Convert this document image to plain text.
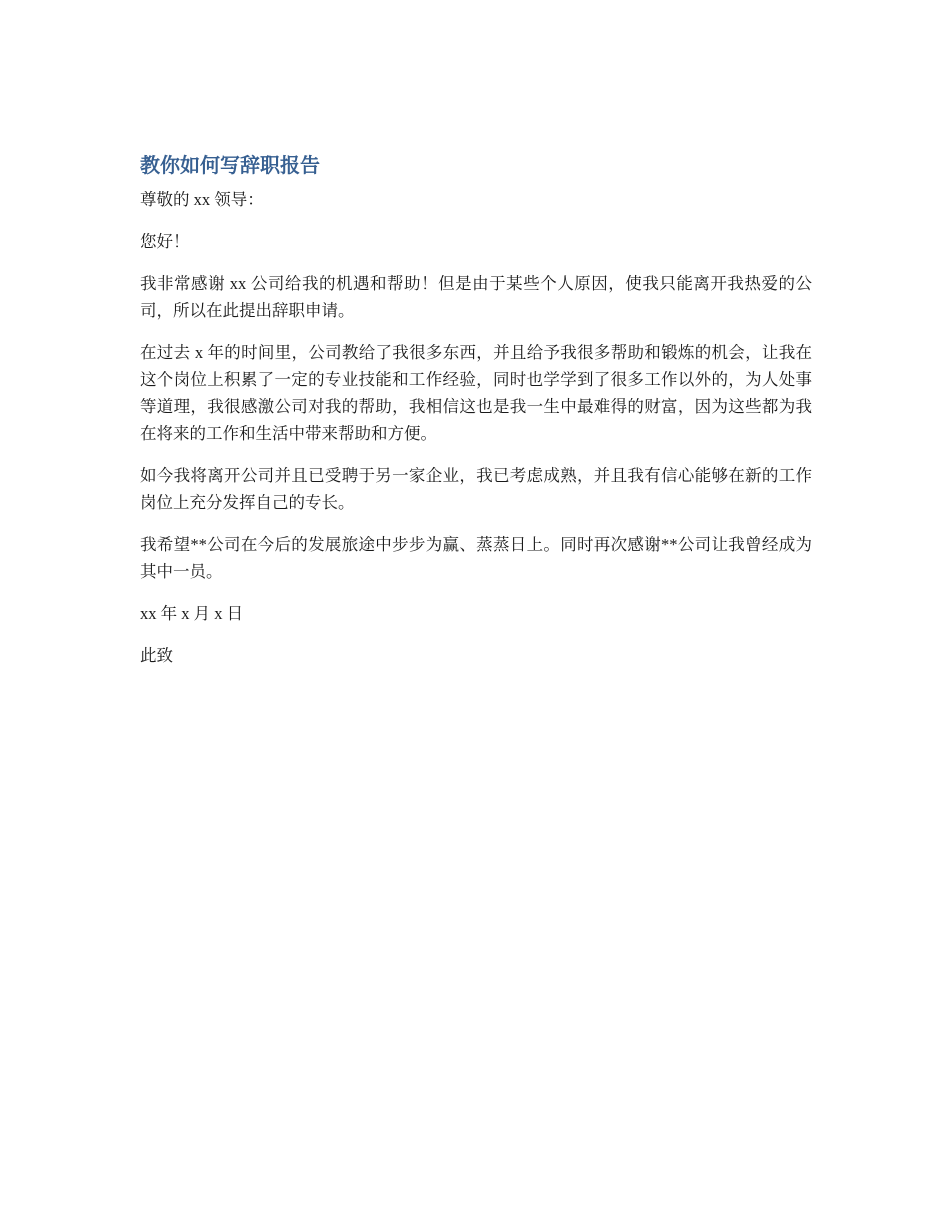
教你如何写辞职报告

尊敬的 xx 领导：

您好！

我非常感谢 xx 公司给我的机遇和帮助！但是由于某些个人原因，使我只能离开我热爱的公司，所以在此提出辞职申请。

在过去 x 年的时间里，公司教给了我很多东西，并且给予我很多帮助和锻炼的机会，让我在这个岗位上积累了一定的专业技能和工作经验，同时也学学到了很多工作以外的，为人处事等道理，我很感激公司对我的帮助，我相信这也是我一生中最难得的财富，因为这些都为我在将来的工作和生活中带来帮助和方便。

如今我将离开公司并且已受聘于另一家企业，我已考虑成熟，并且我有信心能够在新的工作岗位上充分发挥自己的专长。

我希望**公司在今后的发展旅途中步步为赢、蒸蒸日上。同时再次感谢**公司让我曾经成为其中一员。

xx 年 x 月 x 日

此致
